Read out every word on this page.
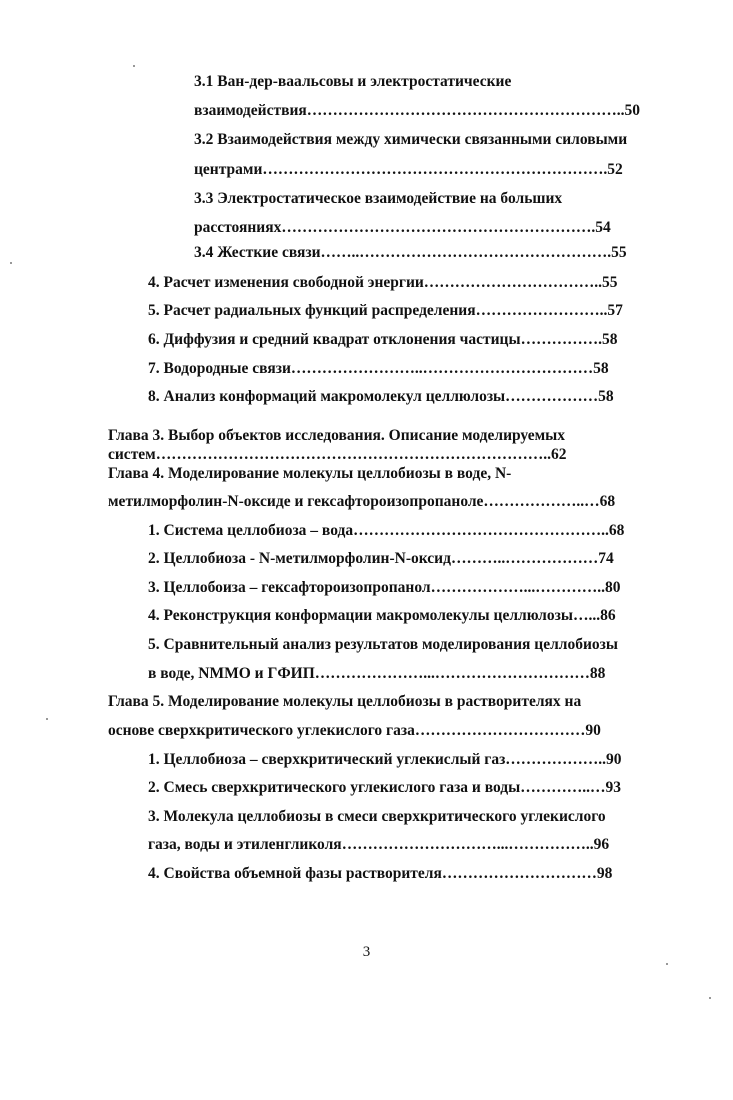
3.1 Ван-дер-ваальсовы и электростатические
взаимодействия……………………………………………………..50
3.2 Взаимодействия между химически связанными силовыми
центрами………………………………………………………….52
3.3 Электростатическое взаимодействие на больших
расстояниях…………………………………………………….54
3.4 Жесткие связи……..………………………………………….55
4. Расчет изменения свободной энергии……………………………..55
5. Расчет радиальных функций распределения……………………..57
6. Диффузия и средний квадрат отклонения частицы…………….58
7. Водородные связи……………………..……………………………58
8. Анализ конформаций макромолекул целлюлозы………………58
Глава 3. Выбор объектов исследования. Описание моделируемых
систем…………………………………………………………………..62
Глава 4. Моделирование молекулы целлобиозы в воде, N-
метилморфолин-N-оксиде и гексафтороизопропаноле………………..…68
1. Система целлобиоза – вода…………………………………………..68
2. Целлобиоза - N-метилморфолин-N-оксид………..………………74
3. Целлобоиза – гексафтороизопропанол………………...…………..80
4. Реконструкция конформации макромолекулы целлюлозы…...86
5. Сравнительный анализ результатов моделирования целлобиозы
в воде, NMMO и ГФИП…………………...…………………………88
Глава 5. Моделирование молекулы целлобиозы в растворителях на
основе сверхкритического углекислого газа……………………………90
1. Целлобиоза – сверхкритический углекислый газ………………..90
2. Смесь сверхкритического углекислого газа и воды…………..…93
3. Молекула целлобиозы в смеси сверхкритического углекислого
газа, воды и этиленгликоля…………………………...……………..96
4. Свойства объемной фазы растворителя…………………………98
3
